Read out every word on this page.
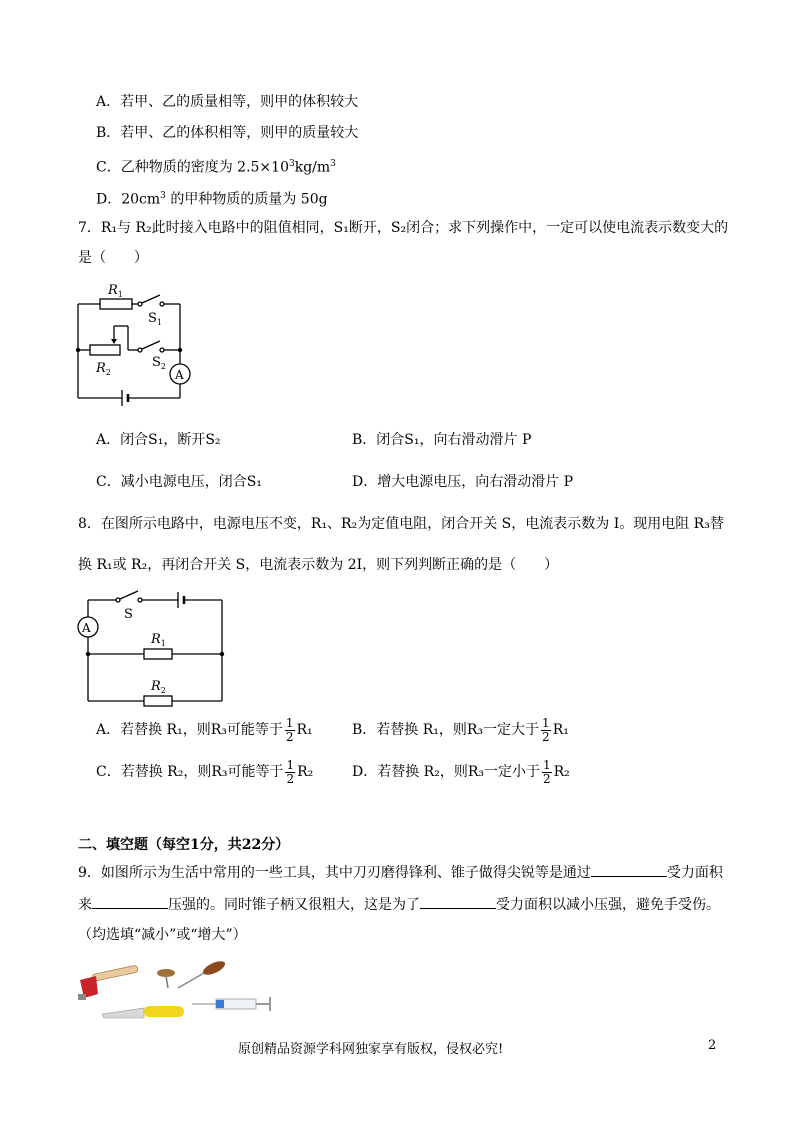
A．若甲、乙的质量相等，则甲的体积较大
B．若甲、乙的体积相等，则甲的质量较大
C．乙种物质的密度为 $2.5\times 10^3kg/m^3$
D．$20cm^3$ 的甲种物质的质量为 50g
7．R₁与 R₂此时接入电路中的阻值相同，S₁断开，S₂闭合；求下列操作中，一定可以使电流表示数变大的
是（　　）
$R_1$
$S_1$
$R_2$
$S_2$
A
A．闭合S₁，断开S₂	B．闭合S₁，向右滑动滑片 P
C．减小电源电压，闭合S₁	D．增大电源电压，向右滑动滑片 P
8．在图所示电路中，电源电压不变，R₁、R₂为定值电阻，闭合开关 S，电流表示数为 I。现用电阻 R₃替
换 R₁或 R₂，再闭合开关 S，电流表示数为 2I，则下列判断正确的是（　　）
A
S
$R_1$
$R_2$
A．若替换 R₁，则R₃可能等于 $\frac{1}{2} R_1$	B．若替换 R₁，则R₃一定大于 $\frac{1}{2} R_1$
C．若替换 R₂，则R₃可能等于 $\frac{1}{2} R_2$	D．若替换 R₂，则R₃一定小于 $\frac{1}{2} R_2$
二、填空题（每空1分，共22分）
9．如图所示为生活中常用的一些工具，其中刀刃磨得锋利、锥子做得尖锐等是通过	受力面积
来	压强的。同时锥子柄又很粗大，这是为了	受力面积以减小压强，避免手受伤。
（均选填“减小”或“增大”）
原创精品资源学科网独家享有版权，侵权必究!	2
